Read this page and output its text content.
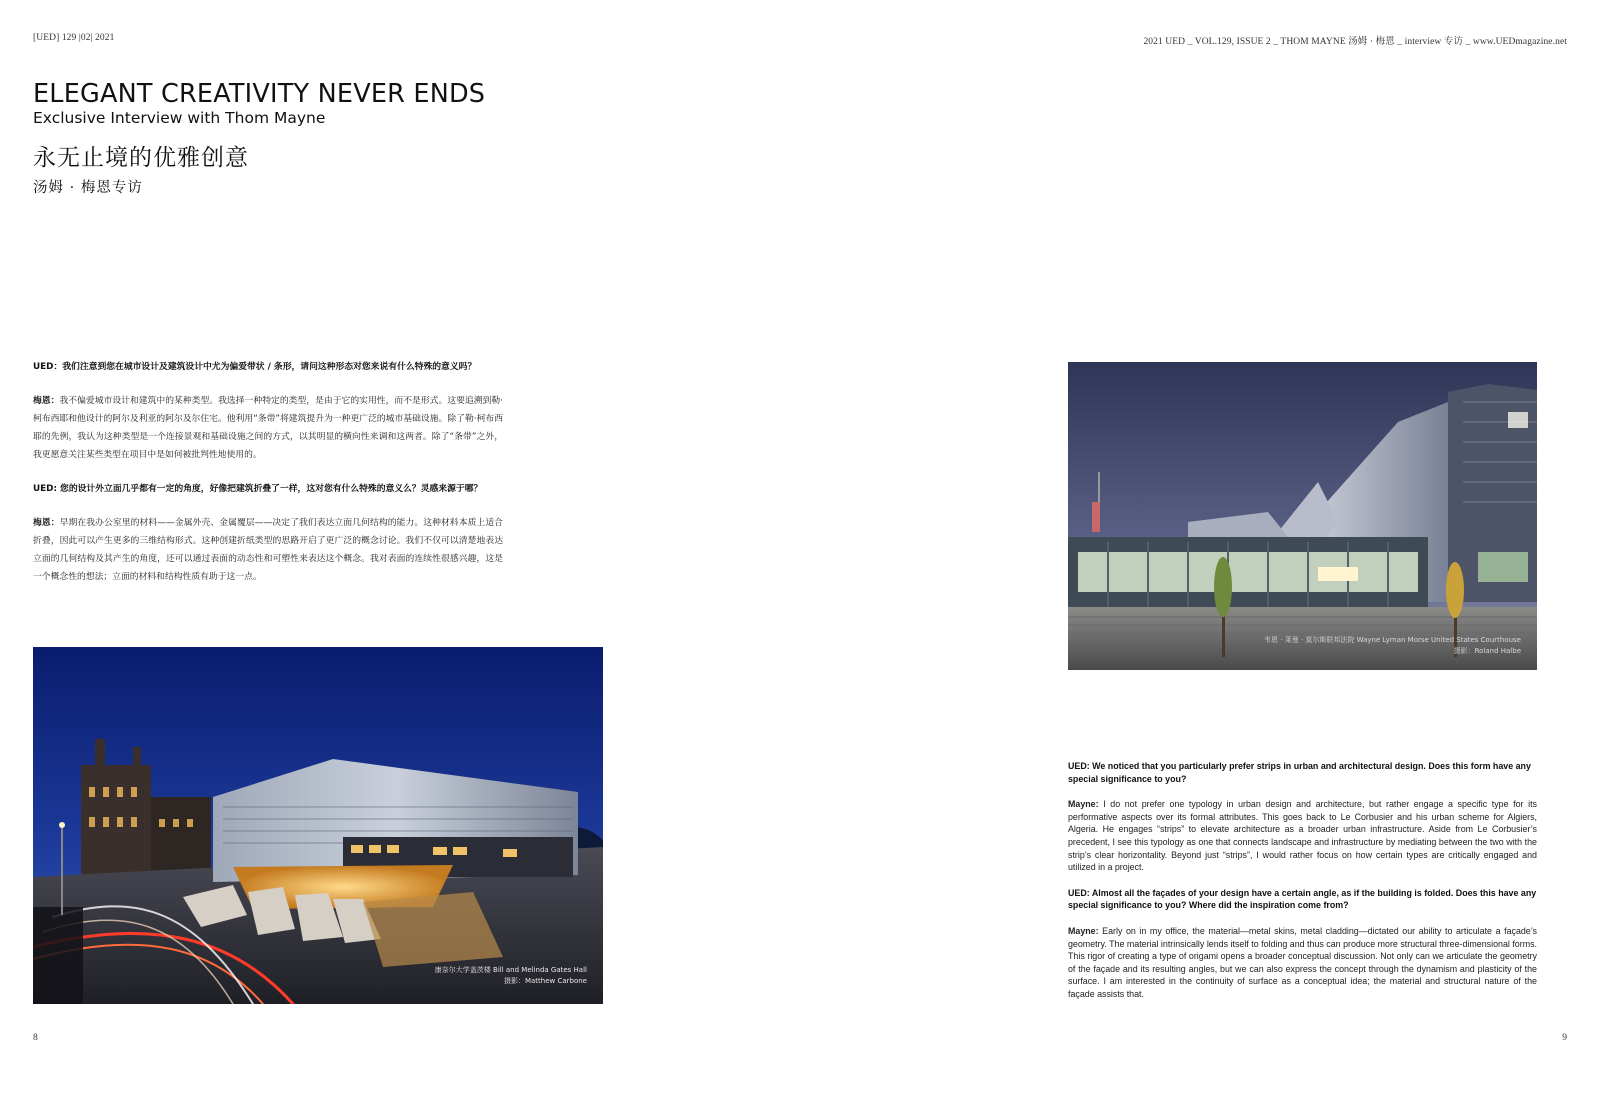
[UED] 129 |02| 2021	2021 UED _ VOL.129, ISSUE 2 _ THOM MAYNE 汤姆 · 梅恩 _ interview 专访 _ www.UEDmagazine.net
ELEGANT CREATIVITY NEVER ENDS
Exclusive Interview with Thom Mayne
永无止境的优雅创意
汤姆 · 梅恩专访

UED：我们注意到您在城市设计及建筑设计中尤为偏爱带状 / 条形，请问这种形态对您来说有什么特殊的意义吗？

梅恩：我不偏爱城市设计和建筑中的某种类型。我选择一种特定的类型，是由于它的实用性，而不是形式。这要追溯到勒·柯布西耶和他设计的阿尔及利亚的阿尔及尔住宅。他利用“条带”将建筑提升为一种更广泛的城市基础设施。除了勒·柯布西耶的先例，我认为这种类型是一个连接景观和基础设施之间的方式，以其明显的横向性来调和这两者。除了“条带”之外，我更愿意关注某些类型在项目中是如何被批判性地使用的。

UED: 您的设计外立面几乎都有一定的角度，好像把建筑折叠了一样，这对您有什么特殊的意义么？灵感来源于哪？

梅恩：早期在我办公室里的材料——金属外壳、金属覆层——决定了我们表达立面几何结构的能力。这种材料本质上适合折叠，因此可以产生更多的三维结构形式。这种创建折纸类型的思路开启了更广泛的概念讨论。我们不仅可以清楚地表达立面的几何结构及其产生的角度，还可以通过表面的动态性和可塑性来表达这个概念。我对表面的连续性很感兴趣，这是一个概念性的想法；立面的材料和结构性质有助于这一点。

康奈尔大学盖茨楼 Bill and Melinda Gates Hall
摄影：Matthew Carbone
韦恩 · 莱曼 · 莫尔斯联邦法院 Wayne Lyman Morse United States Courthouse
摄影：Roland Halbe

UED: We noticed that you particularly prefer strips in urban and architectural design. Does this form have any special significance to you?

Mayne: I do not prefer one typology in urban design and architecture, but rather engage a specific type for its performative aspects over its formal attributes. This goes back to Le Corbusier and his urban scheme for Algiers, Algeria. He engages “strips” to elevate architecture as a broader urban infrastructure. Aside from Le Corbusier’s precedent, I see this typology as one that connects landscape and infrastructure by mediating between the two with the strip’s clear horizontality. Beyond just “strips”, I would rather focus on how certain types are critically engaged and utilized in a project.

UED: Almost all the façades of your design have a certain angle, as if the building is folded. Does this have any special significance to you? Where did the inspiration come from?

Mayne: Early on in my office, the material—metal skins, metal cladding—dictated our ability to articulate a façade’s geometry. The material intrinsically lends itself to folding and thus can produce more structural three-dimensional forms. This rigor of creating a type of origami opens a broader conceptual discussion. Not only can we articulate the geometry of the façade and its resulting angles, but we can also express the concept through the dynamism and plasticity of the surface. I am interested in the continuity of surface as a conceptual idea; the material and structural nature of the façade assists that.

8	9
